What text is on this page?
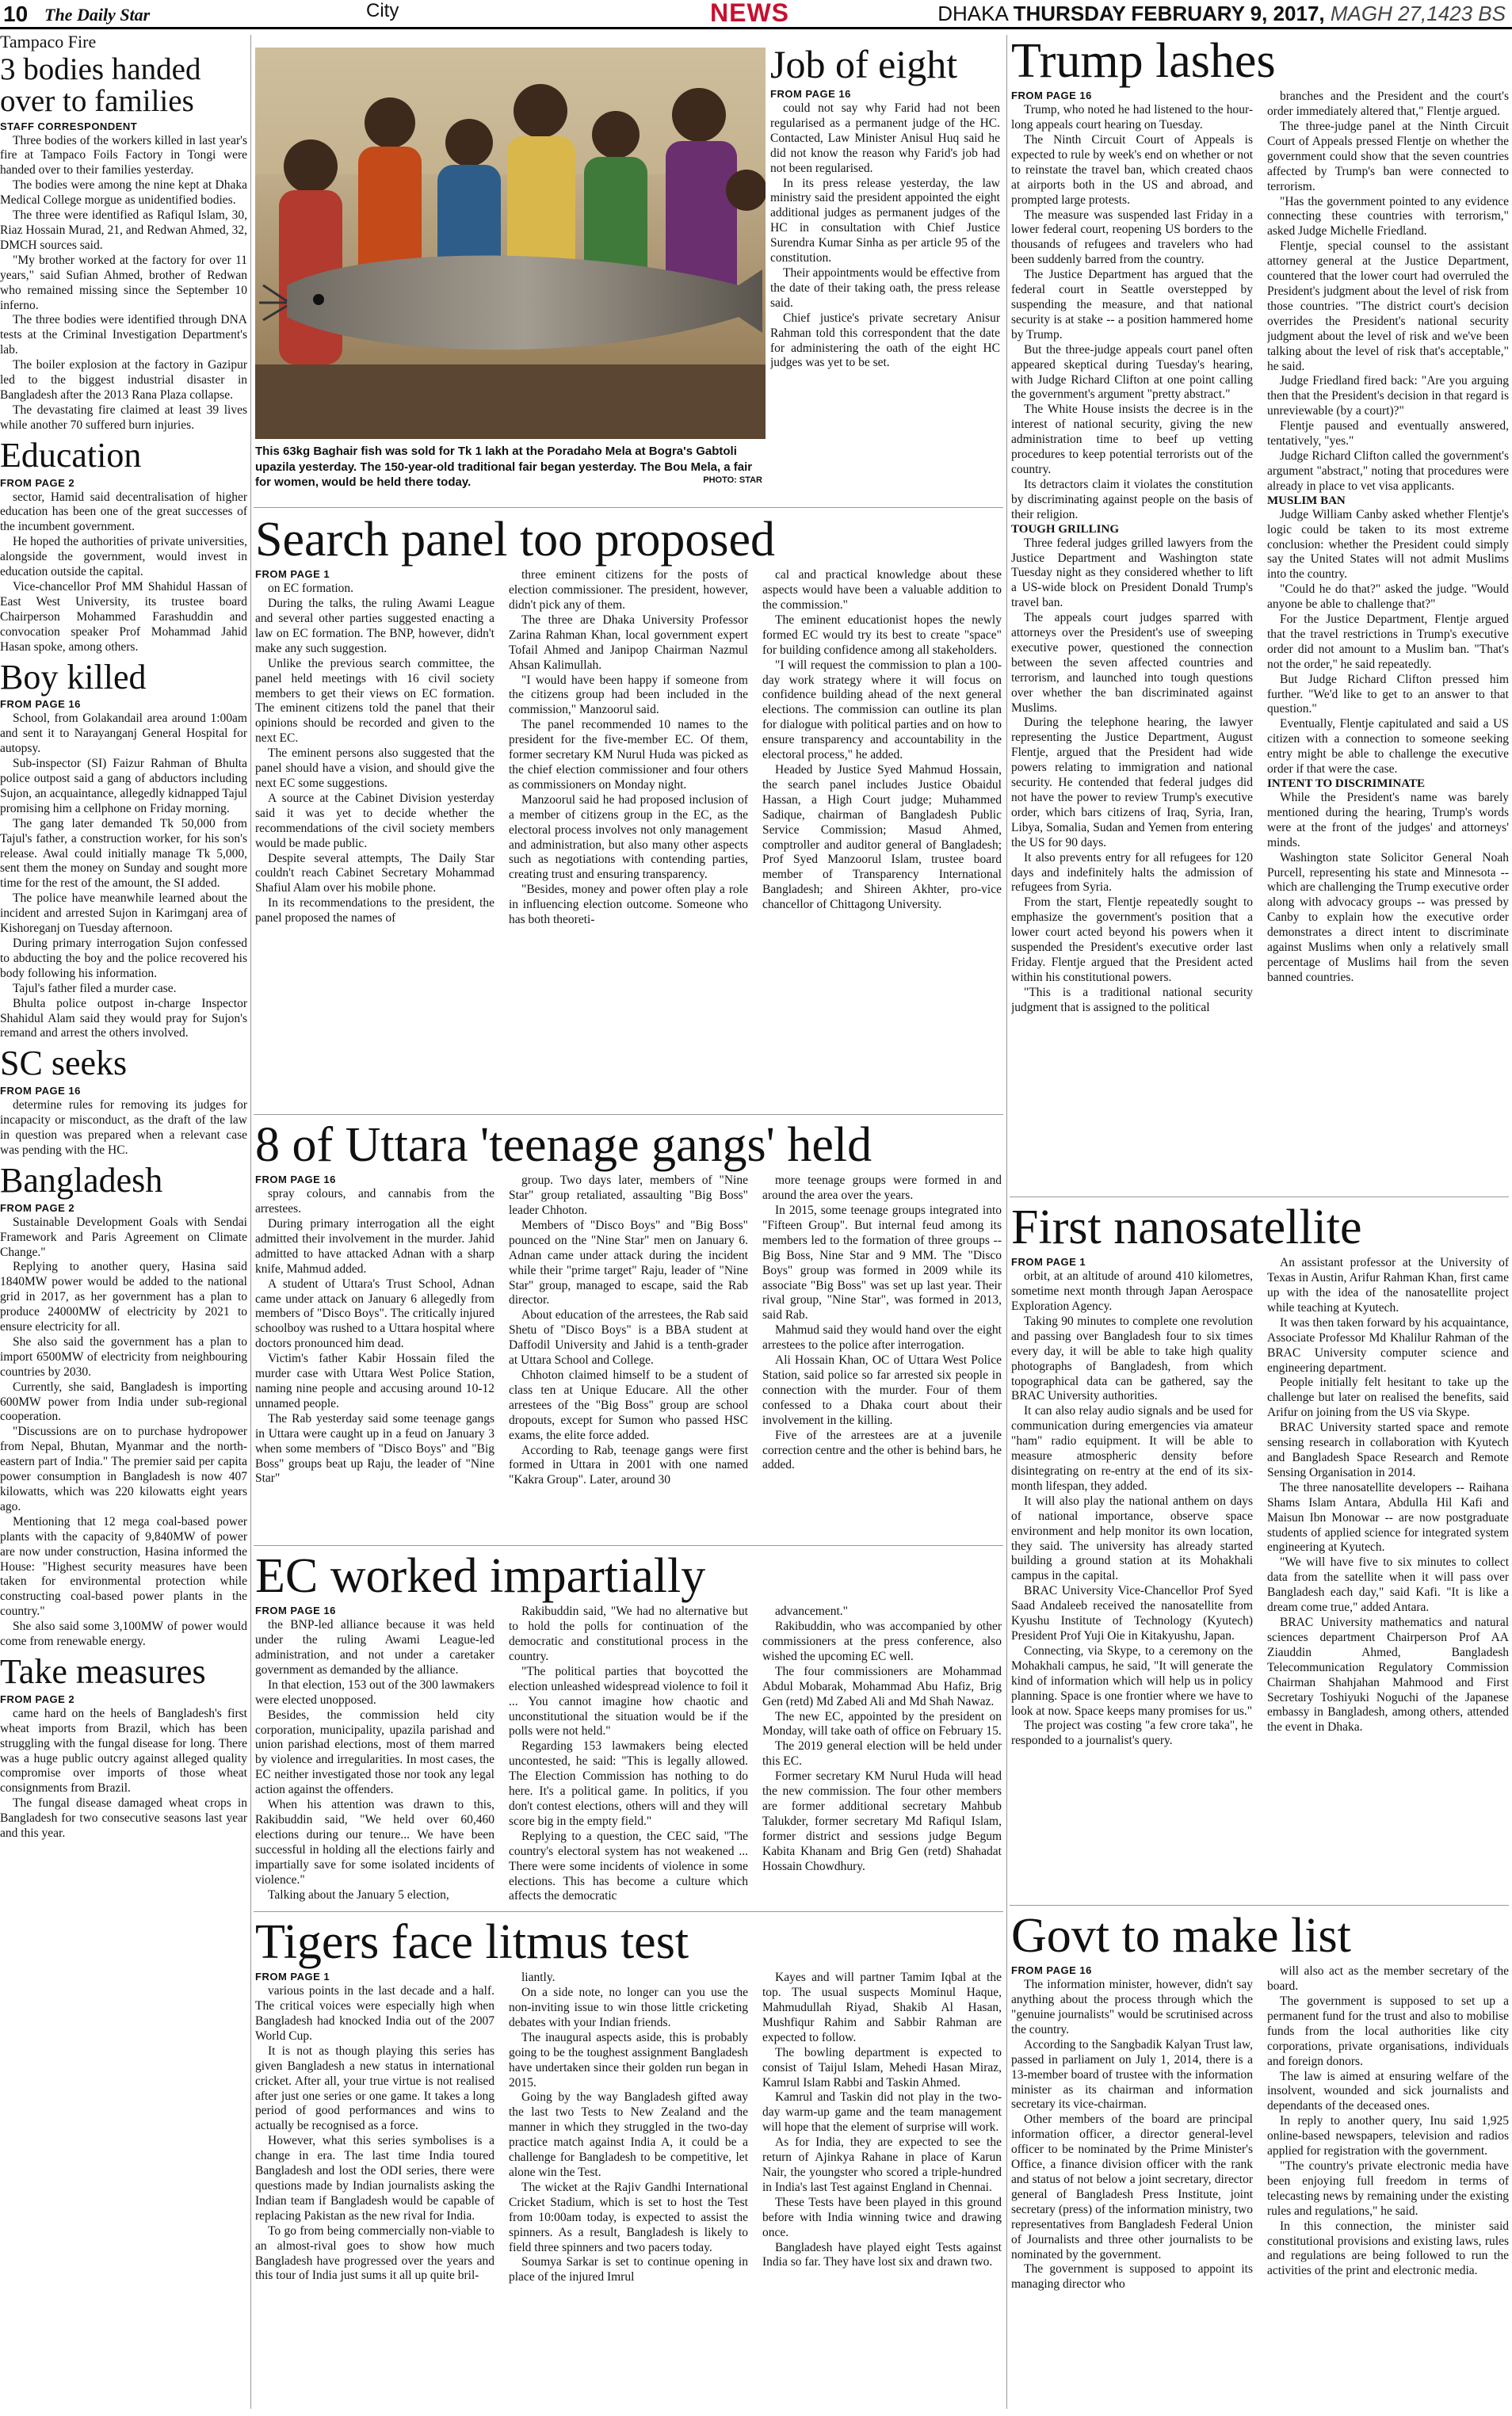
10 The Daily Star	City	NEWS	DHAKA THURSDAY FEBRUARY 9, 2017, MAGH 27,1423 BS
Tampaco Fire
3 bodies handed over to families
STAFF CORRESPONDENT

Three bodies of the workers killed in last year's fire at Tampaco Foils Factory in Tongi were handed over to their families yesterday.

The bodies were among the nine kept at Dhaka Medical College morgue as unidentified bodies.

The three were identified as Rafiqul Islam, 30, Riaz Hossain Murad, 21, and Redwan Ahmed, 32, DMCH sources said.

"My brother worked at the factory for over 11 years," said Sufian Ahmed, brother of Redwan who remained missing since the September 10 inferno.

The three bodies were identified through DNA tests at the Criminal Investigation Department's lab.

The boiler explosion at the factory in Gazipur led to the biggest industrial disaster in Bangladesh after the 2013 Rana Plaza collapse.

The devastating fire claimed at least 39 lives while another 70 suffered burn injuries.

Education
FROM PAGE 2

sector, Hamid said decentralisation of higher education has been one of the great successes of the incumbent government.

He hoped the authorities of private universities, alongside the government, would invest in education outside the capital.

Vice-chancellor Prof MM Shahidul Hassan of East West University, its trustee board Chairperson Mohammed Farashuddin and convocation speaker Prof Mohammad Jahid Hasan spoke, among others.

Boy killed
FROM PAGE 16

School, from Golakandail area around 1:00am and sent it to Narayanganj General Hospital for autopsy.

Sub-inspector (SI) Faizur Rahman of Bhulta police outpost said a gang of abductors including Sujon, an acquaintance, allegedly kidnapped Tajul promising him a cellphone on Friday morning.

The gang later demanded Tk 50,000 from Tajul's father, a construction worker, for his son's release. Awal could initially manage Tk 5,000, sent them the money on Sunday and sought more time for the rest of the amount, the SI added.

The police have meanwhile learned about the incident and arrested Sujon in Karimganj area of Kishoreganj on Tuesday afternoon.

During primary interrogation Sujon confessed to abducting the boy and the police recovered his body following his information.

Tajul's father filed a murder case.

Bhulta police outpost in-charge Inspector Shahidul Alam said they would pray for Sujon's remand and arrest the others involved.

SC seeks
FROM PAGE 16

determine rules for removing its judges for incapacity or misconduct, as the draft of the law in question was prepared when a relevant case was pending with the HC.

Bangladesh
FROM PAGE 2

Sustainable Development Goals with Sendai Framework and Paris Agreement on Climate Change."

Replying to another query, Hasina said 1840MW power would be added to the national grid in 2017, as her government has a plan to produce 24000MW of electricity by 2021 to ensure electricity for all.

She also said the government has a plan to import 6500MW of electricity from neighbouring countries by 2030.

Currently, she said, Bangladesh is importing 600MW power from India under sub-regional cooperation.

"Discussions are on to purchase hydropower from Nepal, Bhutan, Myanmar and the north-eastern part of India." The premier said per capita power consumption in Bangladesh is now 407 kilowatts, which was 220 kilowatts eight years ago.

Mentioning that 12 mega coal-based power plants with the capacity of 9,840MW of power are now under construction, Hasina informed the House: "Highest security measures have been taken for environmental protection while constructing coal-based power plants in the country."

She also said some 3,100MW of power would come from renewable energy.

Take measures
FROM PAGE 2

came hard on the heels of Bangladesh's first wheat imports from Brazil, which has been struggling with the fungal disease for long. There was a huge public outcry against alleged quality compromise over imports of those wheat consignments from Brazil.

The fungal disease damaged wheat crops in Bangladesh for two consecutive seasons last year and this year.

This 63kg Baghair fish was sold for Tk 1 lakh at the Poradaho Mela at Bogra's Gabtoli upazila yesterday. The 150-year-old traditional fair began yesterday. The Bou Mela, a fair for women, would be held there today.	PHOTO: STAR
Job of eight
FROM PAGE 16

could not say why Farid had not been regularised as a permanent judge of the HC. Contacted, Law Minister Anisul Huq said he did not know the reason why Farid's job had not been regularised.

In its press release yesterday, the law ministry said the president appointed the eight additional judges as permanent judges of the HC in consultation with Chief Justice Surendra Kumar Sinha as per article 95 of the constitution.

Their appointments would be effective from the date of their taking oath, the press release said.

Chief justice's private secretary Anisur Rahman told this correspondent that the date for administering the oath of the eight HC judges was yet to be set.

Search panel too proposed
FROM PAGE 1

on EC formation.

During the talks, the ruling Awami League and several other parties suggested enacting a law on EC formation. The BNP, however, didn't make any such suggestion.

Unlike the previous search committee, the panel held meetings with 16 civil society members to get their views on EC formation. The eminent citizens told the panel that their opinions should be recorded and given to the next EC.

The eminent persons also suggested that the panel should have a vision, and should give the next EC some suggestions.

A source at the Cabinet Division yesterday said it was yet to decide whether the recommendations of the civil society members would be made public.

Despite several attempts, The Daily Star couldn't reach Cabinet Secretary Mohammad Shafiul Alam over his mobile phone.

In its recommendations to the president, the panel proposed the names of

three eminent citizens for the posts of election commissioner. The president, however, didn't pick any of them.

The three are Dhaka University Professor Zarina Rahman Khan, local government expert Tofail Ahmed and Janipop Chairman Nazmul Ahsan Kalimullah.

"I would have been happy if someone from the citizens group had been included in the commission," Manzoorul said.

The panel recommended 10 names to the president for the five-member EC. Of them, former secretary KM Nurul Huda was picked as the chief election commissioner and four others as commissioners on Monday night.

Manzoorul said he had proposed inclusion of a member of citizens group in the EC, as the electoral process involves not only management and administration, but also many other aspects such as negotiations with contending parties, creating trust and ensuring transparency.

"Besides, money and power often play a role in influencing election outcome. Someone who has both theoreti-

cal and practical knowledge about these aspects would have been a valuable addition to the commission."

The eminent educationist hopes the newly formed EC would try its best to create "space" for building confidence among all stakeholders.

"I will request the commission to plan a 100-day work strategy where it will focus on confidence building ahead of the next general elections. The commission can outline its plan for dialogue with political parties and on how to ensure transparency and accountability in the electoral process," he added.

Headed by Justice Syed Mahmud Hossain, the search panel includes Justice Obaidul Hassan, a High Court judge; Muhammed Sadique, chairman of Bangladesh Public Service Commission; Masud Ahmed, comptroller and auditor general of Bangladesh; Prof Syed Manzoorul Islam, trustee board member of Transparency International Bangladesh; and Shireen Akhter, pro-vice chancellor of Chittagong University.

8 of Uttara 'teenage gangs' held
FROM PAGE 16

spray colours, and cannabis from the arrestees.

During primary interrogation all the eight admitted their involvement in the murder. Jahid admitted to have attacked Adnan with a sharp knife, Mahmud added.

A student of Uttara's Trust School, Adnan came under attack on January 6 allegedly from members of "Disco Boys". The critically injured schoolboy was rushed to a Uttara hospital where doctors pronounced him dead.

Victim's father Kabir Hossain filed the murder case with Uttara West Police Station, naming nine people and accusing around 10-12 unnamed people.

The Rab yesterday said some teenage gangs in Uttara were caught up in a feud on January 3 when some members of "Disco Boys" and "Big Boss" groups beat up Raju, the leader of "Nine Star"

group. Two days later, members of "Nine Star" group retaliated, assaulting "Big Boss" leader Chhoton.

Members of "Disco Boys" and "Big Boss" pounced on the "Nine Star" men on January 6. Adnan came under attack during the incident while their "prime target" Raju, leader of "Nine Star" group, managed to escape, said the Rab director.

About education of the arrestees, the Rab said Shetu of "Disco Boys" is a BBA student at Daffodil University and Jahid is a tenth-grader at Uttara School and College.

Chhoton claimed himself to be a student of class ten at Unique Educare. All the other arrestees of the "Big Boss" group are school dropouts, except for Sumon who passed HSC exams, the elite force added.

According to Rab, teenage gangs were first formed in Uttara in 2001 with one named "Kakra Group". Later, around 30

more teenage groups were formed in and around the area over the years.

In 2015, some teenage groups integrated into "Fifteen Group". But internal feud among its members led to the formation of three groups -- Big Boss, Nine Star and 9 MM. The "Disco Boys" group was formed in 2009 while its associate "Big Boss" was set up last year. Their rival group, "Nine Star", was formed in 2013, said Rab.

Mahmud said they would hand over the eight arrestees to the police after interrogation.

Ali Hossain Khan, OC of Uttara West Police Station, said police so far arrested six people in connection with the murder. Four of them confessed to a Dhaka court about their involvement in the killing.

Five of the arrestees are at a juvenile correction centre and the other is behind bars, he added.

EC worked impartially
FROM PAGE 16

the BNP-led alliance because it was held under the ruling Awami League-led administration, and not under a caretaker government as demanded by the alliance.

In that election, 153 out of the 300 lawmakers were elected unopposed.

Besides, the commission held city corporation, municipality, upazila parishad and union parishad elections, most of them marred by violence and irregularities. In most cases, the EC neither investigated those nor took any legal action against the offenders.

When his attention was drawn to this, Rakibuddin said, "We held over 60,460 elections during our tenure... We have been successful in holding all the elections fairly and impartially save for some isolated incidents of violence."

Talking about the January 5 election,

Rakibuddin said, "We had no alternative but to hold the polls for continuation of the democratic and constitutional process in the country.

"The political parties that boycotted the election unleashed widespread violence to foil it ... You cannot imagine how chaotic and unconstitutional the situation would be if the polls were not held."

Regarding 153 lawmakers being elected uncontested, he said: "This is legally allowed. The Election Commission has nothing to do here. It's a political game. In politics, if you don't contest elections, others will and they will score big in the empty field."

Replying to a question, the CEC said, "The country's electoral system has not weakened ... There were some incidents of violence in some elections. This has become a culture which affects the democratic

advancement."

Rakibuddin, who was accompanied by other commissioners at the press conference, also wished the upcoming EC well.

The four commissioners are Mohammad Abdul Mobarak, Mohammad Abu Hafiz, Brig Gen (retd) Md Zabed Ali and Md Shah Nawaz.

The new EC, appointed by the president on Monday, will take oath of office on February 15.

The 2019 general election will be held under this EC.

Former secretary KM Nurul Huda will head the new commission. The four other members are former additional secretary Mahbub Talukder, former secretary Md Rafiqul Islam, former district and sessions judge Begum Kabita Khanam and Brig Gen (retd) Shahadat Hossain Chowdhury.

Tigers face litmus test
FROM PAGE 1

various points in the last decade and a half. The critical voices were especially high when Bangladesh had knocked India out of the 2007 World Cup.

It is not as though playing this series has given Bangladesh a new status in international cricket. After all, your true virtue is not realised after just one series or one game. It takes a long period of good performances and wins to actually be recognised as a force.

However, what this series symbolises is a change in era. The last time India toured Bangladesh and lost the ODI series, there were questions made by Indian journalists asking the Indian team if Bangladesh would be capable of replacing Pakistan as the new rival for India.

To go from being commercially non-viable to an almost-rival goes to show how much Bangladesh have progressed over the years and this tour of India just sums it all up quite bril-

liantly.

On a side note, no longer can you use the non-inviting issue to win those little cricketing debates with your Indian friends.

The inaugural aspects aside, this is probably going to be the toughest assignment Bangladesh have undertaken since their golden run began in 2015.

Going by the way Bangladesh gifted away the last two Tests to New Zealand and the manner in which they struggled in the two-day practice match against India A, it could be a challenge for Bangladesh to be competitive, let alone win the Test.

The wicket at the Rajiv Gandhi International Cricket Stadium, which is set to host the Test from 10:00am today, is expected to assist the spinners. As a result, Bangladesh is likely to field three spinners and two pacers today.

Soumya Sarkar is set to continue opening in place of the injured Imrul

Kayes and will partner Tamim Iqbal at the top. The usual suspects Mominul Haque, Mahmudullah Riyad, Shakib Al Hasan, Mushfiqur Rahim and Sabbir Rahman are expected to follow.

The bowling department is expected to consist of Taijul Islam, Mehedi Hasan Miraz, Kamrul Islam Rabbi and Taskin Ahmed.

Kamrul and Taskin did not play in the two-day warm-up game and the team management will hope that the element of surprise will work.

As for India, they are expected to see the return of Ajinkya Rahane in place of Karun Nair, the youngster who scored a triple-hundred in India's last Test against England in Chennai.

These Tests have been played in this ground before with India winning twice and drawing once.

Bangladesh have played eight Tests against India so far. They have lost six and drawn two.

Trump lashes
FROM PAGE 16

Trump, who noted he had listened to the hour-long appeals court hearing on Tuesday.

The Ninth Circuit Court of Appeals is expected to rule by week's end on whether or not to reinstate the travel ban, which created chaos at airports both in the US and abroad, and prompted large protests.

The measure was suspended last Friday in a lower federal court, reopening US borders to the thousands of refugees and travelers who had been suddenly barred from the country.

The Justice Department has argued that the federal court in Seattle overstepped by suspending the measure, and that national security is at stake -- a position hammered home by Trump.

But the three-judge appeals court panel often appeared skeptical during Tuesday's hearing, with Judge Richard Clifton at one point calling the government's argument "pretty abstract."

The White House insists the decree is in the interest of national security, giving the new administration time to beef up vetting procedures to keep potential terrorists out of the country.

Its detractors claim it violates the constitution by discriminating against people on the basis of their religion.

TOUGH GRILLING

Three federal judges grilled lawyers from the Justice Department and Washington state Tuesday night as they considered whether to lift a US-wide block on President Donald Trump's travel ban.

The appeals court judges sparred with attorneys over the President's use of sweeping executive power, questioned the connection between the seven affected countries and terrorism, and launched into tough questions over whether the ban discriminated against Muslims.

During the telephone hearing, the lawyer representing the Justice Department, August Flentje, argued that the President had wide powers relating to immigration and national security. He contended that federal judges did not have the power to review Trump's executive order, which bars citizens of Iraq, Syria, Iran, Libya, Somalia, Sudan and Yemen from entering the US for 90 days.

It also prevents entry for all refugees for 120 days and indefinitely halts the admission of refugees from Syria.

From the start, Flentje repeatedly sought to emphasize the government's position that a lower court acted beyond his powers when it suspended the President's executive order last Friday. Flentje argued that the President acted within his constitutional powers.

"This is a traditional national security judgment that is assigned to the political

branches and the President and the court's order immediately altered that," Flentje argued.

The three-judge panel at the Ninth Circuit Court of Appeals pressed Flentje on whether the government could show that the seven countries affected by Trump's ban were connected to terrorism.

"Has the government pointed to any evidence connecting these countries with terrorism," asked Judge Michelle Friedland.

Flentje, special counsel to the assistant attorney general at the Justice Department, countered that the lower court had overruled the President's judgment about the level of risk from those countries. "The district court's decision overrides the President's national security judgment about the level of risk and we've been talking about the level of risk that's acceptable," he said.

Judge Friedland fired back: "Are you arguing then that the President's decision in that regard is unreviewable (by a court)?"

Flentje paused and eventually answered, tentatively, "yes."

Judge Richard Clifton called the government's argument "abstract," noting that procedures were already in place to vet visa applicants.

MUSLIM BAN

Judge William Canby asked whether Flentje's logic could be taken to its most extreme conclusion: whether the President could simply say the United States will not admit Muslims into the country.

"Could he do that?" asked the judge. "Would anyone be able to challenge that?"

For the Justice Department, Flentje argued that the travel restrictions in Trump's executive order did not amount to a Muslim ban. "That's not the order," he said repeatedly.

But Judge Richard Clifton pressed him further. "We'd like to get to an answer to that question."

Eventually, Flentje capitulated and said a US citizen with a connection to someone seeking entry might be able to challenge the executive order if that were the case.

INTENT TO DISCRIMINATE

While the President's name was barely mentioned during the hearing, Trump's words were at the front of the judges' and attorneys' minds.

Washington state Solicitor General Noah Purcell, representing his state and Minnesota -- which are challenging the Trump executive order along with advocacy groups -- was pressed by Canby to explain how the executive order demonstrates a direct intent to discriminate against Muslims when only a relatively small percentage of Muslims hail from the seven banned countries.

First nanosatellite
FROM PAGE 1

orbit, at an altitude of around 410 kilometres, sometime next month through Japan Aerospace Exploration Agency.

Taking 90 minutes to complete one revolution and passing over Bangladesh four to six times every day, it will be able to take high quality photographs of Bangladesh, from which topographical data can be gathered, say the BRAC University authorities.

It can also relay audio signals and be used for communication during emergencies via amateur "ham" radio equipment. It will be able to measure atmospheric density before disintegrating on re-entry at the end of its six-month lifespan, they added.

It will also play the national anthem on days of national importance, observe space environment and help monitor its own location, they said. The university has already started building a ground station at its Mohakhali campus in the capital.

BRAC University Vice-Chancellor Prof Syed Saad Andaleeb received the nanosatellite from Kyushu Institute of Technology (Kyutech) President Prof Yuji Oie in Kitakyushu, Japan.

Connecting, via Skype, to a ceremony on the Mohakhali campus, he said, "It will generate the kind of information which will help us in policy planning. Space is one frontier where we have to look at now. Space keeps many promises for us."

The project was costing "a few crore taka", he responded to a journalist's query.

An assistant professor at the University of Texas in Austin, Arifur Rahman Khan, first came up with the idea of the nanosatellite project while teaching at Kyutech.

It was then taken forward by his acquaintance, Associate Professor Md Khalilur Rahman of the BRAC University computer science and engineering department.

People initially felt hesitant to take up the challenge but later on realised the benefits, said Arifur on joining from the US via Skype.

BRAC University started space and remote sensing research in collaboration with Kyutech and Bangladesh Space Research and Remote Sensing Organisation in 2014.

The three nanosatellite developers -- Raihana Shams Islam Antara, Abdulla Hil Kafi and Maisun Ibn Monowar -- are now postgraduate students of applied science for integrated system engineering at Kyutech.

"We will have five to six minutes to collect data from the satellite when it will pass over Bangladesh each day," said Kafi. "It is like a dream come true," added Antara.

BRAC University mathematics and natural sciences department Chairperson Prof AA Ziauddin Ahmed, Bangladesh Telecommunication Regulatory Commission Chairman Shahjahan Mahmood and First Secretary Toshiyuki Noguchi of the Japanese embassy in Bangladesh, among others, attended the event in Dhaka.

Govt to make list
FROM PAGE 16

The information minister, however, didn't say anything about the process through which the "genuine journalists" would be scrutinised across the country.

According to the Sangbadik Kalyan Trust law, passed in parliament on July 1, 2014, there is a 13-member board of trustee with the information minister as its chairman and information secretary its vice-chairman.

Other members of the board are principal information officer, a director general-level officer to be nominated by the Prime Minister's Office, a finance division officer with the rank and status of not below a joint secretary, director general of Bangladesh Press Institute, joint secretary (press) of the information ministry, two representatives from Bangladesh Federal Union of Journalists and three other journalists to be nominated by the government.

The government is supposed to appoint its managing director who

will also act as the member secretary of the board.

The government is supposed to set up a permanent fund for the trust and also to mobilise funds from the local authorities like city corporations, private organisations, individuals and foreign donors.

The law is aimed at ensuring welfare of the insolvent, wounded and sick journalists and dependants of the deceased ones.

In reply to another query, Inu said 1,925 online-based newspapers, television and radios applied for registration with the government.

"The country's private electronic media have been enjoying full freedom in terms of telecasting news by remaining under the existing rules and regulations," he said.

In this connection, the minister said constitutional provisions and existing laws, rules and regulations are being followed to run the activities of the print and electronic media.
